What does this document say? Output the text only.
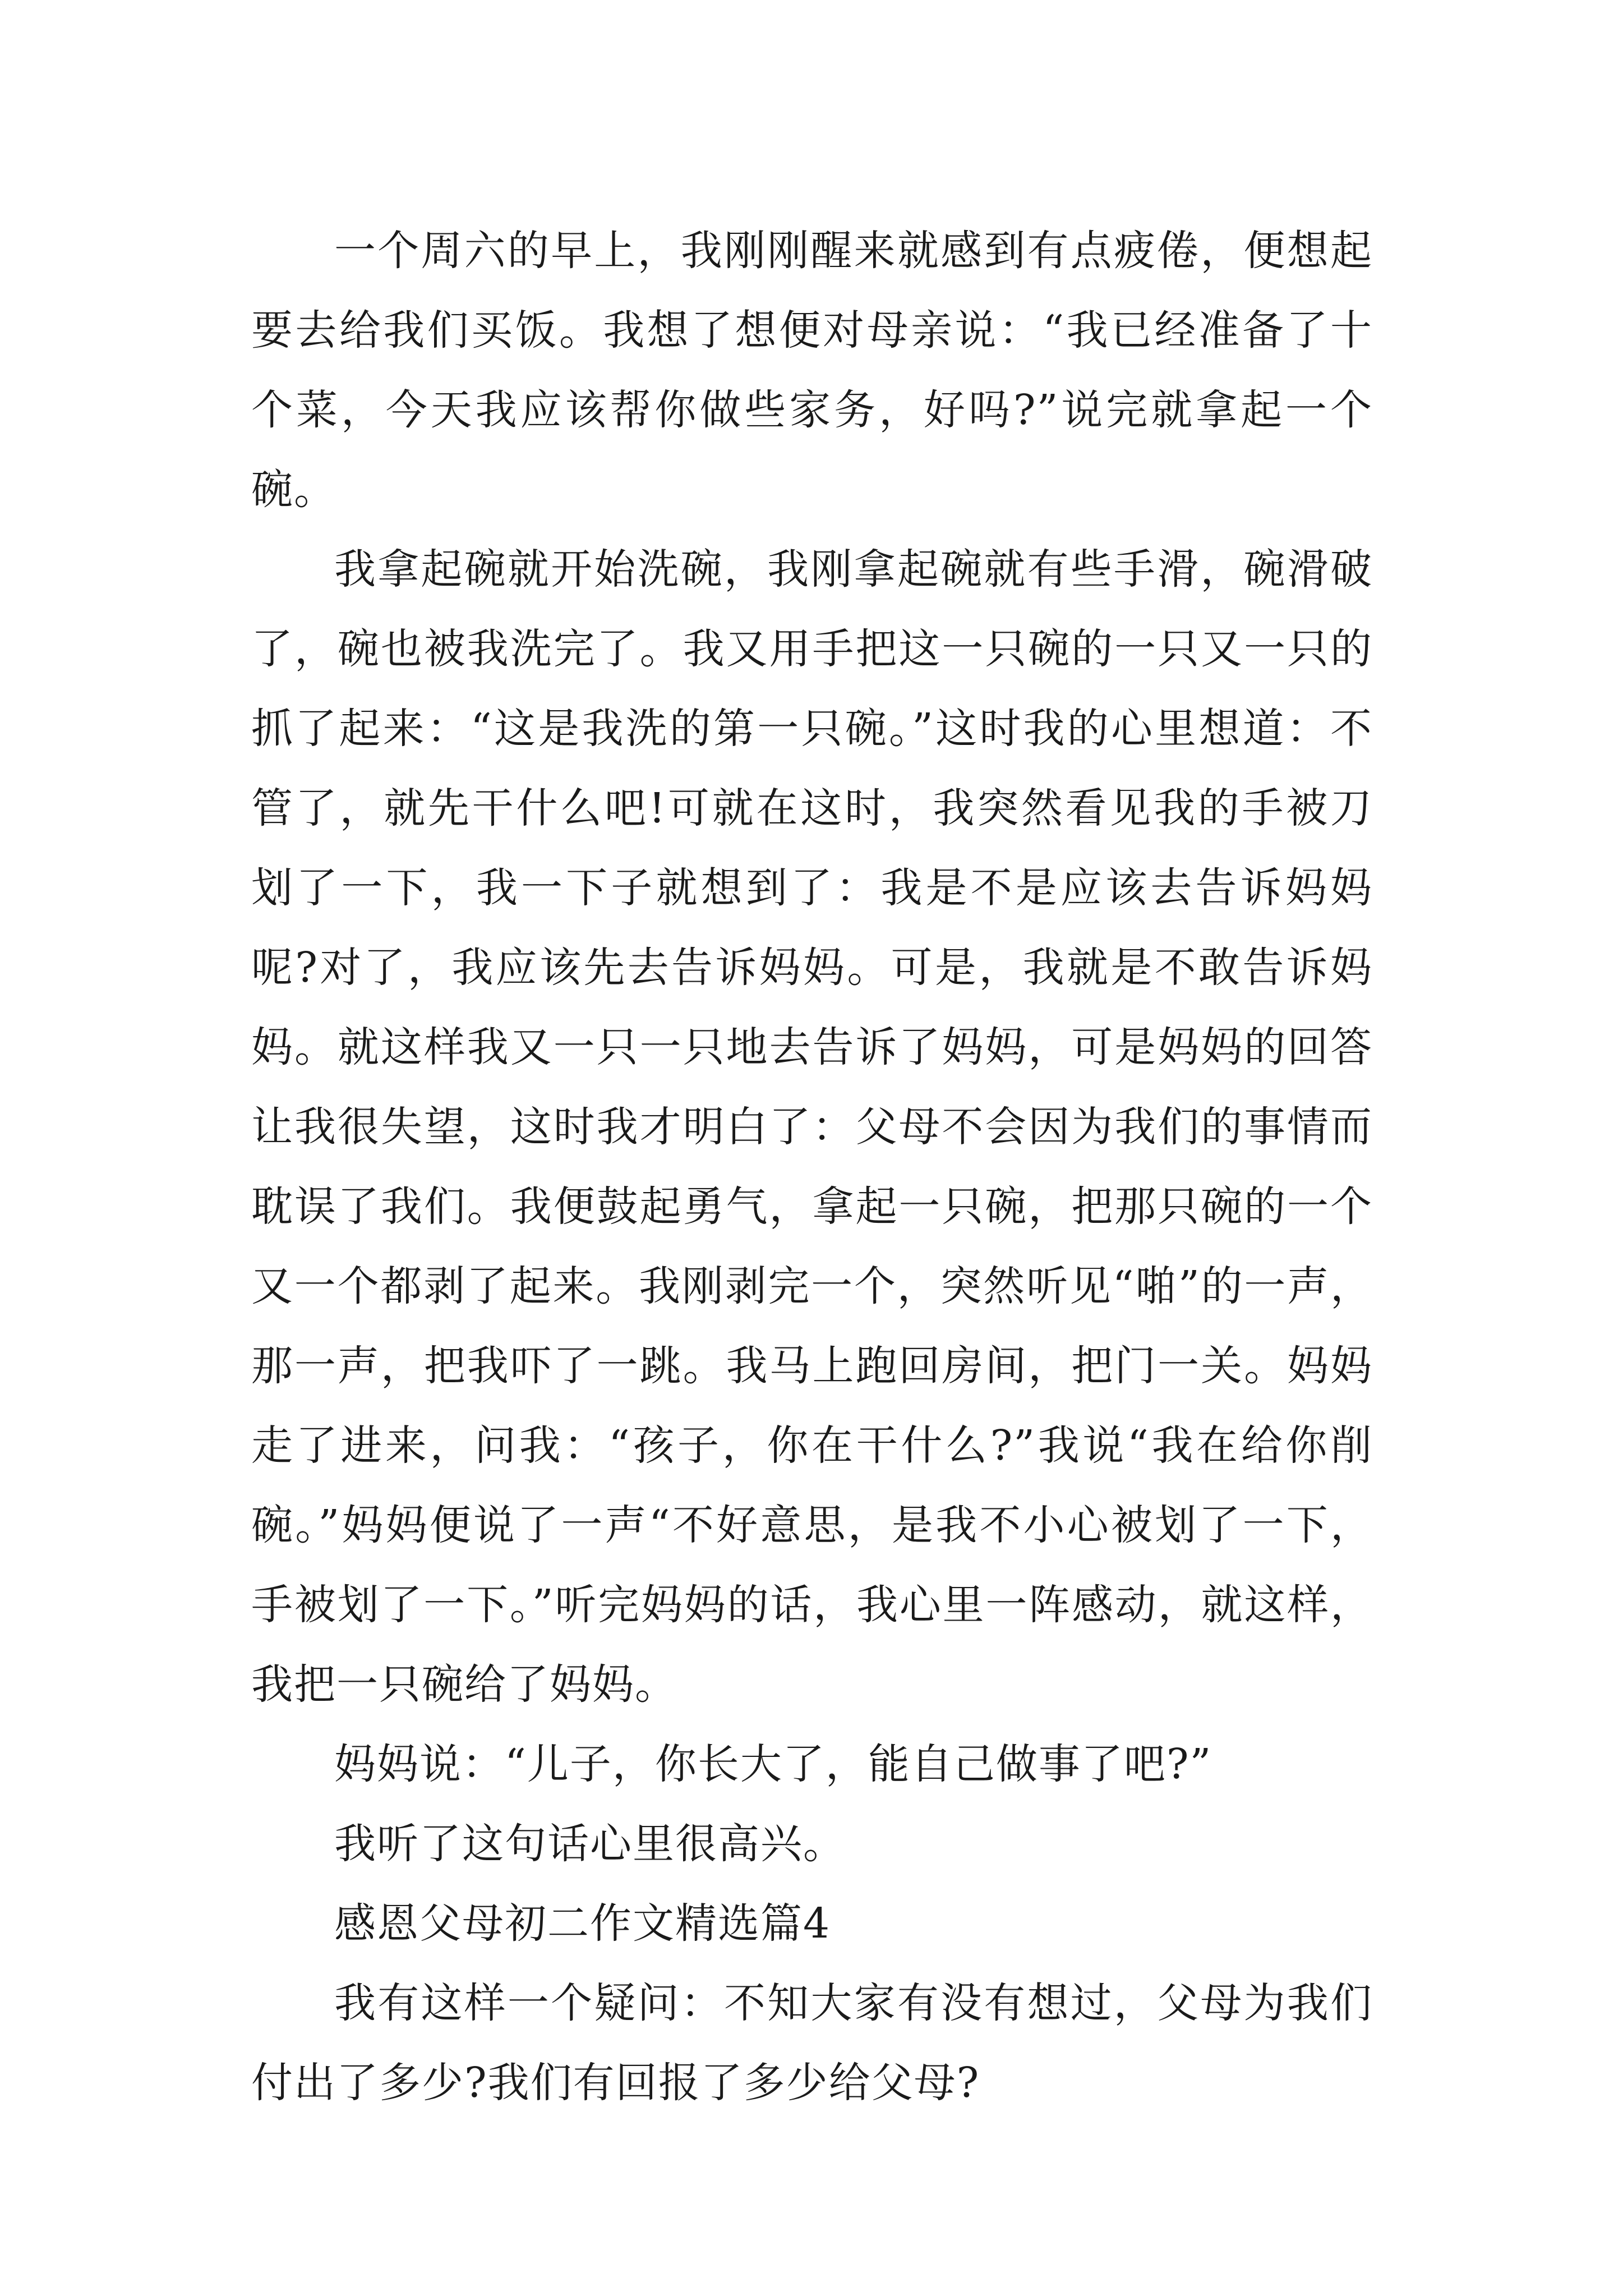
一个周六的早上，我刚刚醒来就感到有点疲倦，便想起要去给我们买饭。我想了想便对母亲说：“我已经准备了十个菜，今天我应该帮你做些家务，好吗?”说完就拿起一个碗。

我拿起碗就开始洗碗，我刚拿起碗就有些手滑，碗滑破了，碗也被我洗完了。我又用手把这一只碗的一只又一只的抓了起来：“这是我洗的第一只碗。”这时我的心里想道：不管了，就先干什么吧!可就在这时，我突然看见我的手被刀划了一下，我一下子就想到了：我是不是应该去告诉妈妈呢?对了，我应该先去告诉妈妈。可是，我就是不敢告诉妈妈。就这样我又一只一只地去告诉了妈妈，可是妈妈的回答让我很失望，这时我才明白了：父母不会因为我们的事情而耽误了我们。我便鼓起勇气，拿起一只碗，把那只碗的一个又一个都剥了起来。我刚剥完一个，突然听见“啪”的一声，那一声，把我吓了一跳。我马上跑回房间，把门一关。妈妈走了进来，问我：“孩子，你在干什么?”我说“我在给你削碗。”妈妈便说了一声“不好意思，是我不小心被划了一下，手被划了一下。”听完妈妈的话，我心里一阵感动，就这样，我把一只碗给了妈妈。

妈妈说：“儿子，你长大了，能自己做事了吧?”

我听了这句话心里很高兴。

感恩父母初二作文精选篇4

我有这样一个疑问：不知大家有没有想过，父母为我们付出了多少?我们有回报了多少给父母?
